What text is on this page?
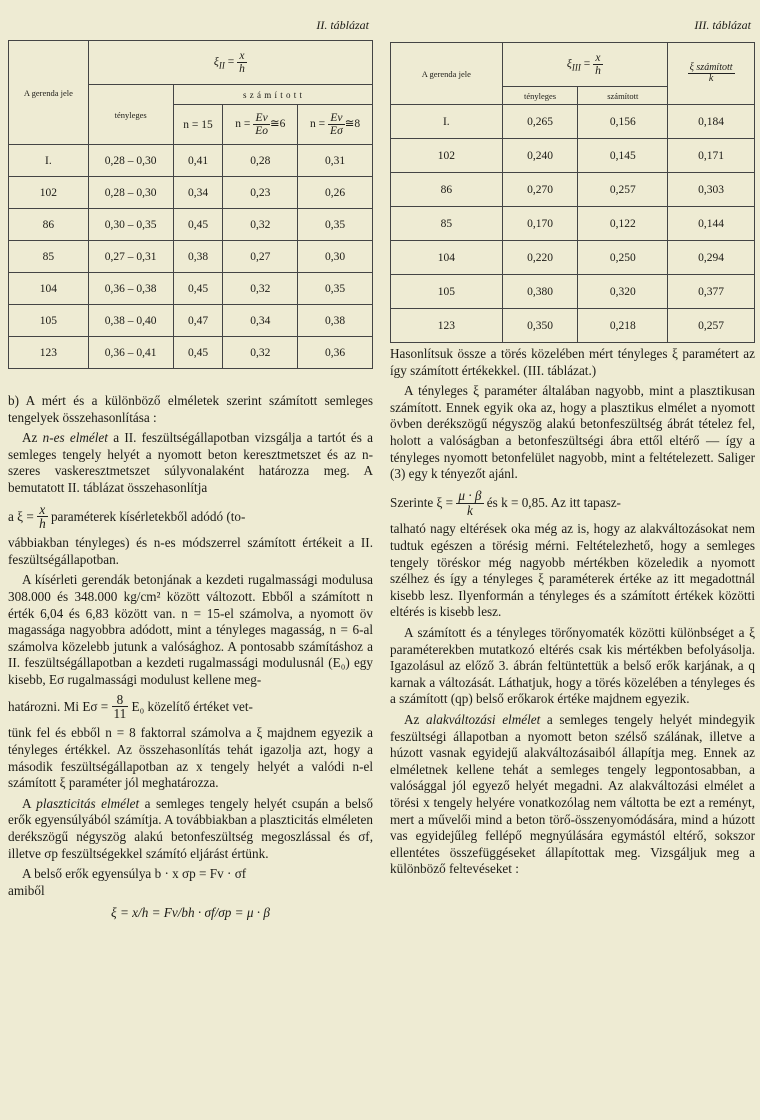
II. táblázat
A gerenda jele	$\xi_{II} = \frac{x}{h}$

	tényleges	s z á m í t o t t		
		n = 15	$n = \frac{Ev}{Eo}$ ≅6	$n = \frac{Ev}{E\sigma}$ ≅8
I.	0,28 – 0,30	0,41	0,28	0,31
102	0,28 – 0,30	0,34	0,23	0,26
86	0,30 – 0,35	0,45	0,32	0,35
85	0,27 – 0,31	0,38	0,27	0,30
104	0,36 – 0,38	0,45	0,32	0,35
105	0,38 – 0,40	0,47	0,34	0,38
123	0,36 – 0,41	0,45	0,32	0,36

b) A mért és a különböző elméletek szerint számított semleges tengelyek összehasonlítása :

Az n-es elmélet a II. feszültségállapotban vizsgálja a tartót és a semleges tengely helyét a nyomott beton keresztmetszet és az n-szeres vaskeresztmetszet súlyvonalaként határozza meg. A bemutatott II. táblázat összehasonlítja

a ξ =
$\frac{x}{h}$
paraméterek kísérletekből adódó (to-

vábbiakban tényleges) és n-es módszerrel számított értékeit a II. feszültségállapotban.

A kísérleti gerendák betonjának a kezdeti rugalmassági modulusa 308.000 és 348.000 kg/cm² között változott. Ebből a számított n érték 6,04 és 6,83 között van. n = 15-el számolva, a nyomott öv magassága nagyobbra adódott, mint a tényleges magasság, n = 6-al számolva közelebb jutunk a valósághoz. A pontosabb számításhoz a II. feszültségállapotban a kezdeti rugalmassági modulusnál (E₀) egy kisebb, Eσ rugalmassági modulust kellene meg-

határozni. Mi Eσ =
$\frac{8}{11}$
E₀ közelítő értéket vet-

tünk fel és ebből n = 8 faktorral számolva a ξ majdnem egyezik a tényleges értékkel. Az összehasonlítás tehát igazolja azt, hogy a második feszültségállapotban az x tengely helyét a valódi n-el számított ξ paraméter jól meghatározza.

A plaszticitás elmélet a semleges tengely helyét csupán a belső erők egyensúlyából számítja. A továbbiakban a plaszticitás elméleten derékszögű négyszög alakú betonfeszültség megoszlással és σf, illetve σp feszültségekkel számító eljárást értünk.

A belső erők egyensúlya b · x σp = Fv · σf
amiből

ξ = x/h = Fv/bh · σf/σp = μ · β

III. táblázat
A gerenda jele	$\xi_{III} = \frac{x}{h}$		$\frac{\text{ξ számított}}{k}$

	tényleges	számított	
I.	0,265	0,156	0,184
102	0,240	0,145	0,171
86	0,270	0,257	0,303
85	0,170	0,122	0,144
104	0,220	0,250	0,294
105	0,380	0,320	0,377
123	0,350	0,218	0,257

Hasonlítsuk össze a törés közelében mért tényleges ξ paramétert az így számított értékekkel. (III. táblázat.)

A tényleges ξ paraméter általában nagyobb, mint a plasztikusan számított. Ennek egyik oka az, hogy a plasztikus elmélet a nyomott övben derékszögű négyszög alakú betonfeszültség ábrát tételez fel, holott a valóságban a betonfeszültségi ábra ettől eltérő — így a tényleges nyomott betonfelület nagyobb, mint a feltételezett. Saliger (3) egy k tényezőt ajánl.

Szerinte ξ =
$\frac{\mu \cdot \beta}{k}$
és k = 0,85. Az itt tapasz-

talható nagy eltérések oka még az is, hogy az alakváltozásokat nem tudtuk egészen a törésig mérni. Feltételezhető, hogy a semleges tengely töréskor még nagyobb mértékben közeledik a nyomott szélhez és így a tényleges ξ paraméterek értéke az itt megadottnál kisebb lesz. Ilyenformán a tényleges és a számított értékek közötti eltérés is kisebb lesz.

A számított és a tényleges törőnyomaték közötti különbséget a ξ paraméterekben mutatkozó eltérés csak kis mértékben befolyásolja. Igazolásul az előző 3. ábrán feltüntettük a belső erők karjának, a q karnak a változását. Láthatjuk, hogy a törés közelében a tényleges és a számított (qp) belső erőkarok értéke majdnem egyezik.

Az alakváltozási elmélet a semleges tengely helyét mindegyik feszültségi állapotban a nyomott beton szélső szálának, illetve a húzott vasnak egyidejű alakváltozásaiból állapítja meg. Ennek az elméletnek kellene tehát a semleges tengely legpontosabban, a valósággal jól egyező helyét megadni. Az alakváltozási elmélet a törési x tengely helyére vonatkozólag nem váltotta be ezt a reményt, mert a művelői mind a beton törő-összenyomódására, mind a húzott vas egyidejűleg fellépő megnyúlására egymástól eltérő, sokszor ellentétes összefüggéseket állapítottak meg. Vizsgáljuk meg a különböző feltevéseket :
